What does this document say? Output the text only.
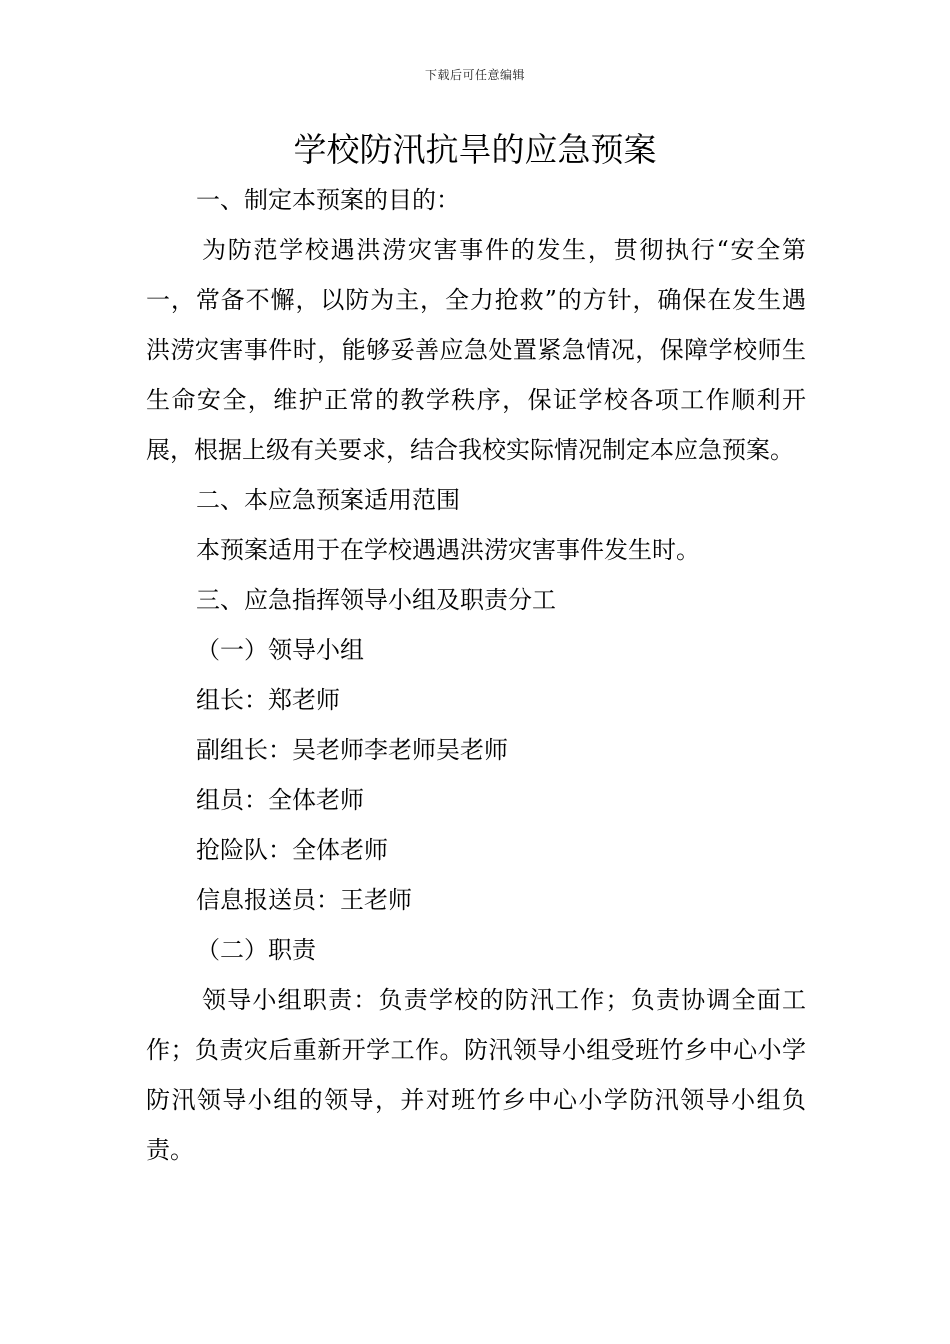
下载后可任意编辑
学校防汛抗旱的应急预案

一、制定本预案的目的：

为防范学校遇洪涝灾害事件的发生，贯彻执行“安全第一，常备不懈，以防为主，全力抢救”的方针，确保在发生遇洪涝灾害事件时，能够妥善应急处置紧急情况，保障学校师生生命安全，维护正常的教学秩序，保证学校各项工作顺利开展，根据上级有关要求，结合我校实际情况制定本应急预案。

二、本应急预案适用范围

本预案适用于在学校遇遇洪涝灾害事件发生时。

三、应急指挥领导小组及职责分工

（一）领导小组

组长：郑老师

副组长：吴老师李老师吴老师

组员：全体老师

抢险队：全体老师

信息报送员：王老师

（二）职责

领导小组职责：负责学校的防汛工作；负责协调全面工作；负责灾后重新开学工作。防汛领导小组受班竹乡中心小学防汛领导小组的领导，并对班竹乡中心小学防汛领导小组负责。
